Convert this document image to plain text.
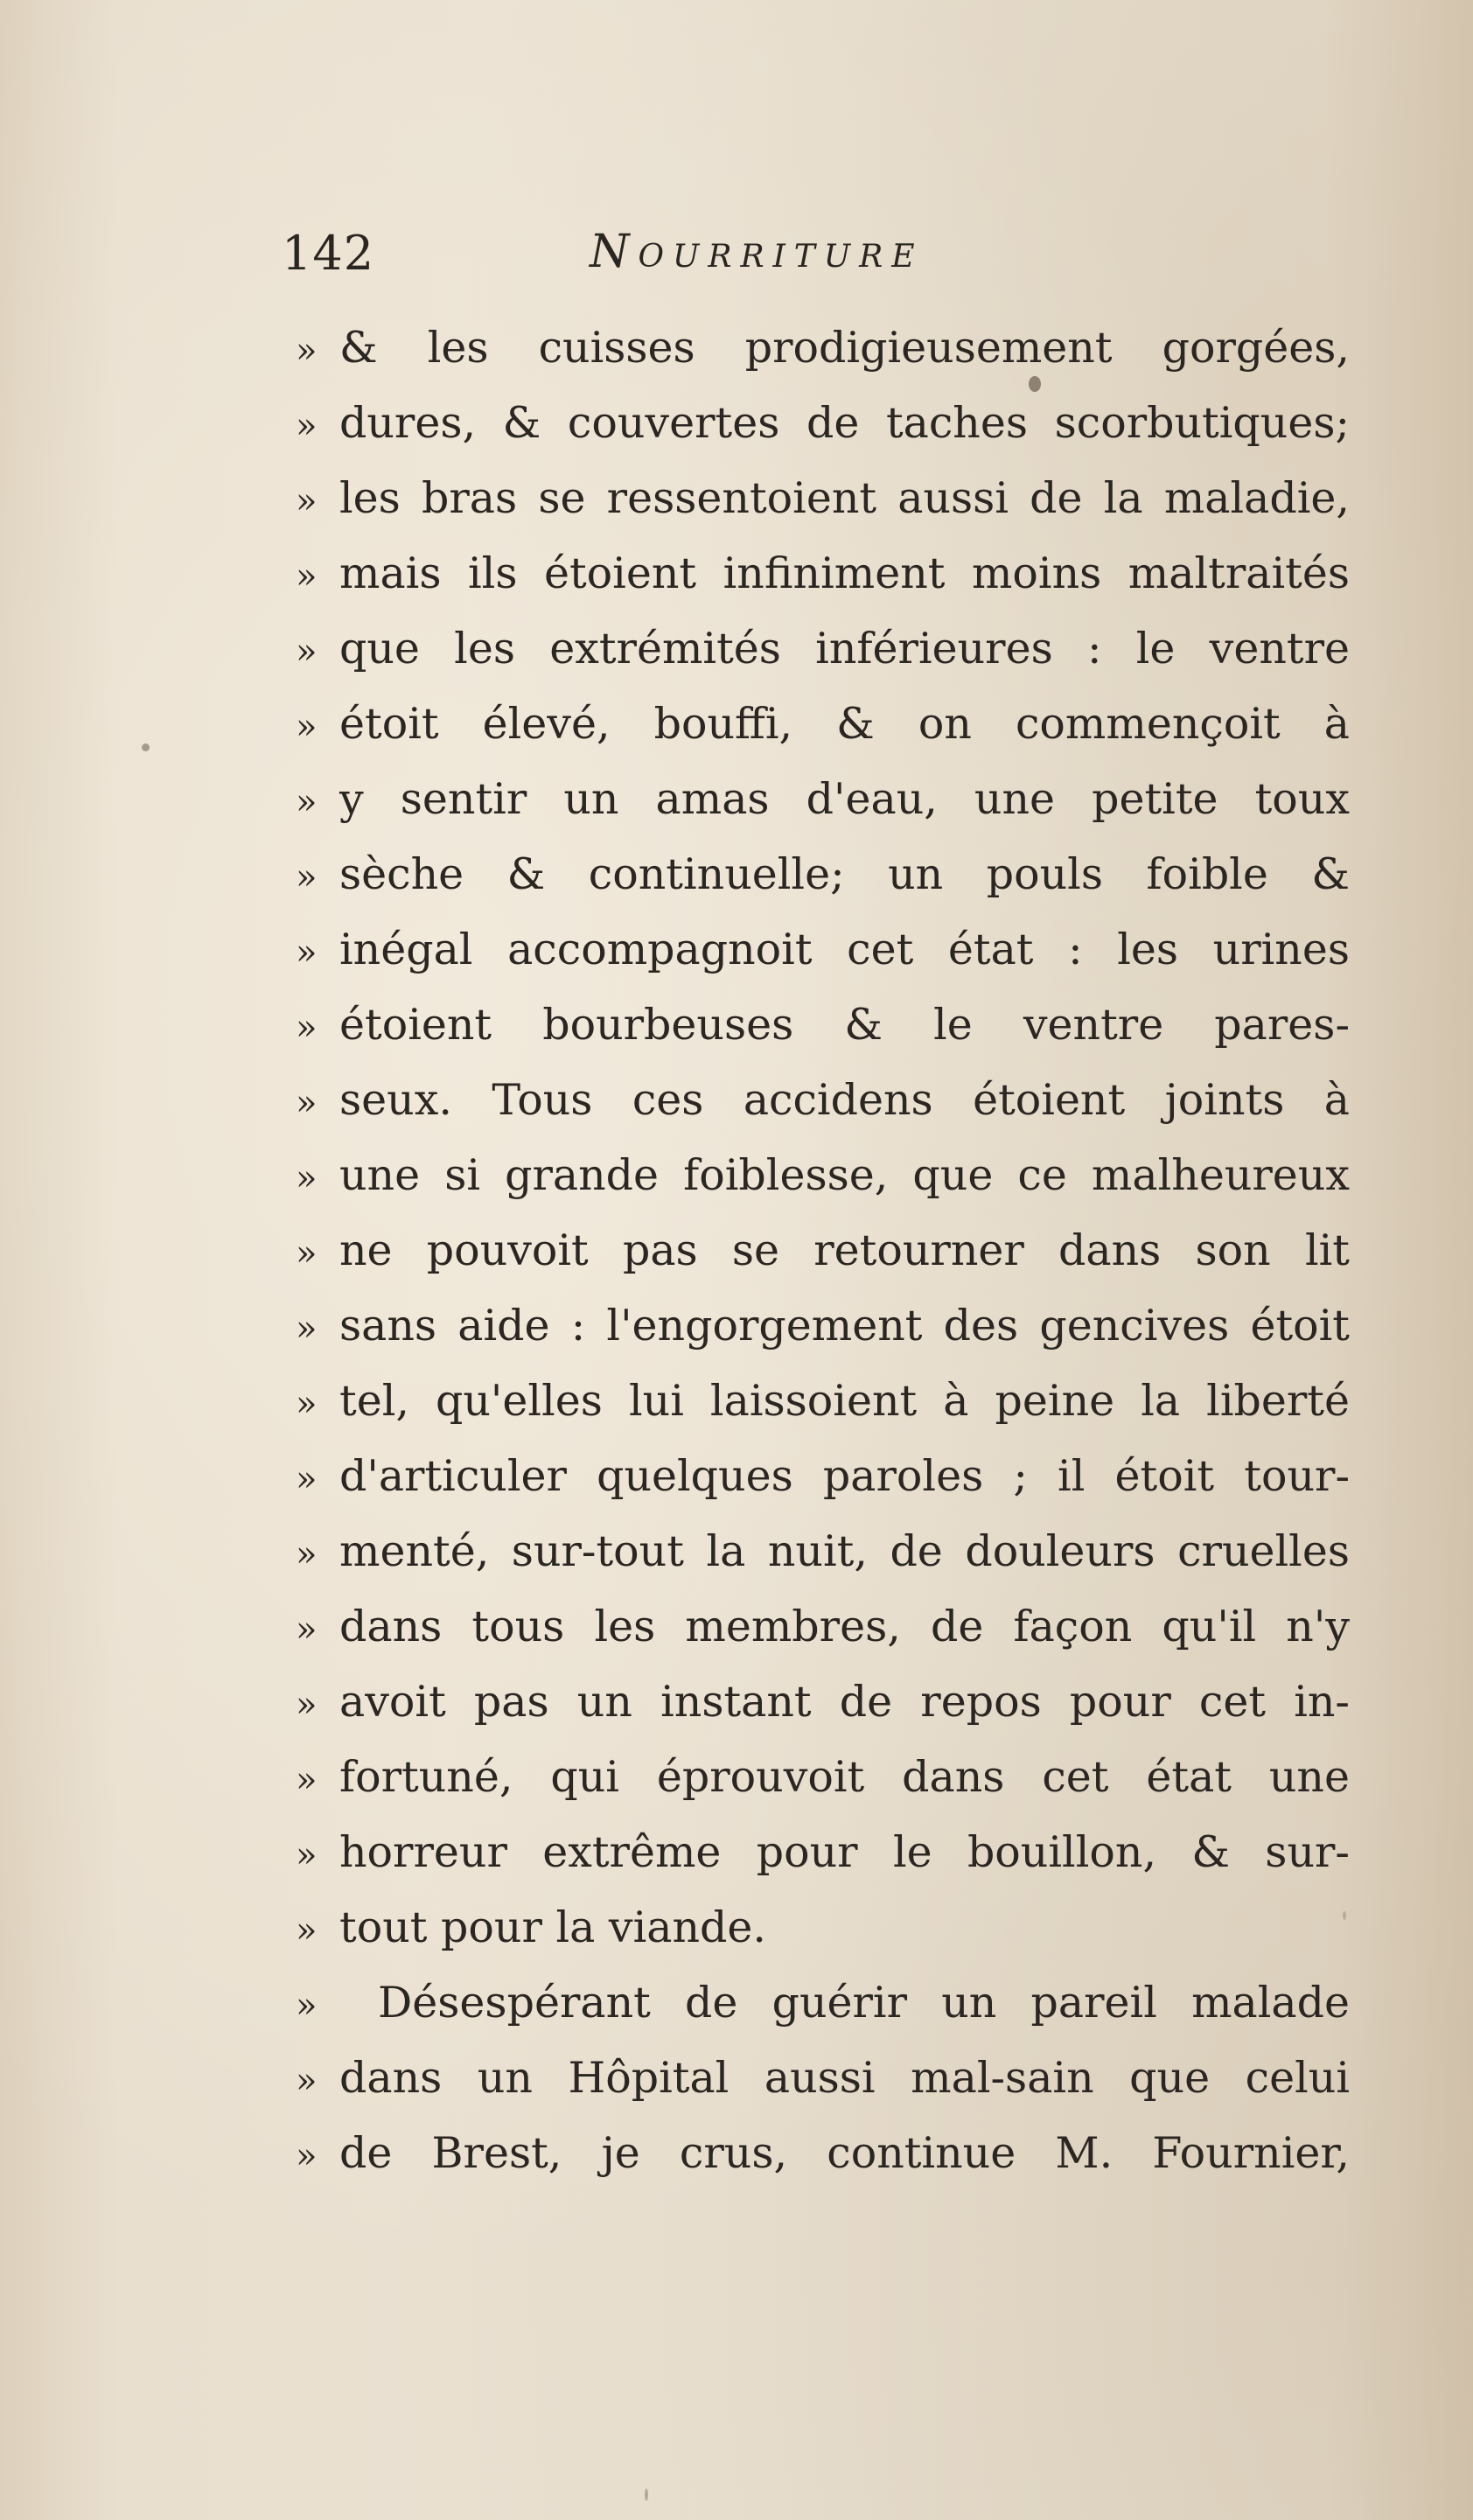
142	Nourriture
» & les cuisses prodigieusement gorgées,
» dures, & couvertes de taches scorbutiques;
» les bras se ressentoient aussi de la maladie,
» mais ils étoient infiniment moins maltraités
» que les extrémités inférieures : le ventre
» étoit élevé, bouffi, & on commençoit à
» y sentir un amas d'eau, une petite toux
» sèche & continuelle; un pouls foible &
» inégal accompagnoit cet état : les urines
» étoient bourbeuses & le ventre pares-
» seux. Tous ces accidens étoient joints à
» une si grande foiblesse, que ce malheureux
» ne pouvoit pas se retourner dans son lit
» sans aide : l'engorgement des gencives étoit
» tel, qu'elles lui laissoient à peine la liberté
» d'articuler quelques paroles ; il étoit tour-
» menté, sur-tout la nuit, de douleurs cruelles
» dans tous les membres, de façon qu'il n'y
» avoit pas un instant de repos pour cet in-
» fortuné, qui éprouvoit dans cet état une
» horreur extrême pour le bouillon, & sur-
» tout pour la viande.
»	Désespérant de guérir un pareil malade
» dans un Hôpital aussi mal-sain que celui
» de Brest, je crus, continue M. Fournier,
